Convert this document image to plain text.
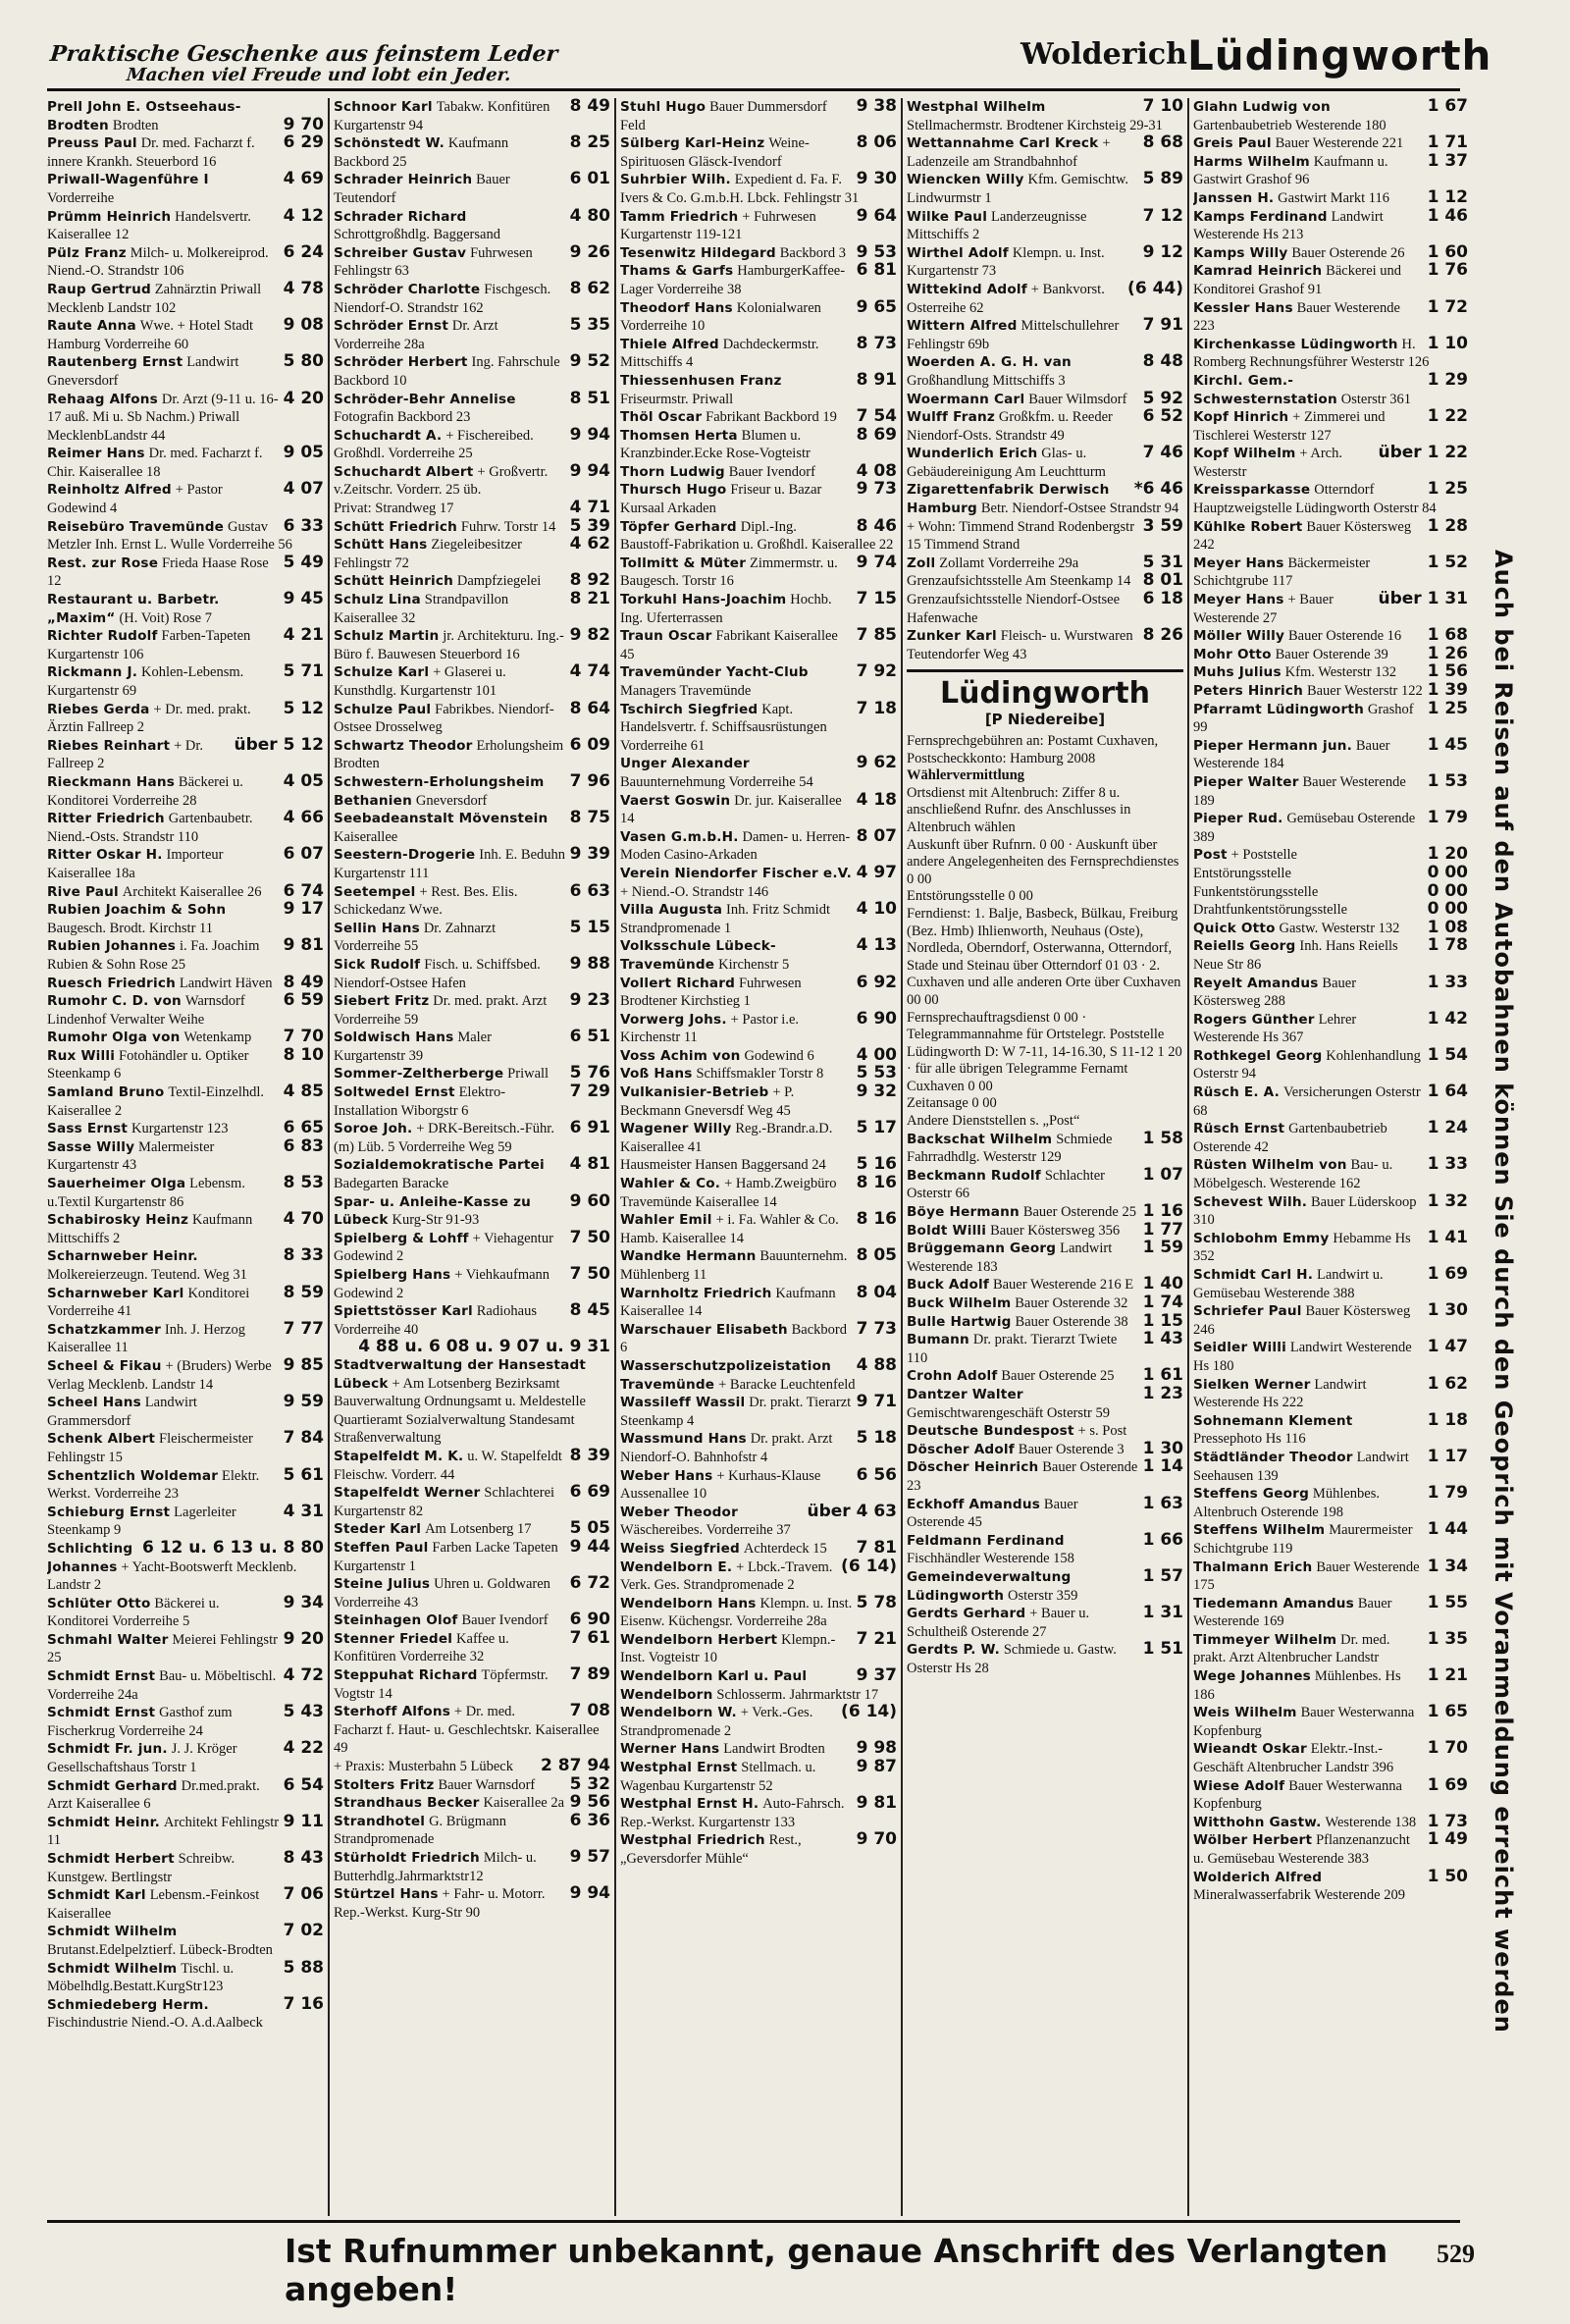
Praktische Geschenke aus feinstem Leder
Machen viel Freude und lobt ein Jeder.
Wolderich Lüdingworth
Prell John E. Ostseehaus-
9 70
Brodten Brodten
6 29
Preuss Paul Dr. med. Facharzt f. innere Krankh. Steuerbord 16
4 69
Priwall-Wagenführe I Vorderreihe
4 12
Prümm Heinrich Handelsvertr. Kaiserallee 12
6 24
Pülz Franz Milch- u. Molkereiprod. Niend.-O. Strandstr 106
4 78
Raup Gertrud Zahnärztin Priwall Mecklenb Landstr 102
9 08
Raute Anna Wwe. + Hotel Stadt Hamburg Vorderreihe 60
5 80
Rautenberg Ernst Landwirt Gneversdorf
4 20
Rehaag Alfons Dr. Arzt (9-11 u. 16-17 auß. Mi u. Sb Nachm.) Priwall MecklenbLandstr 44
9 05
Reimer Hans Dr. med. Facharzt f. Chir. Kaiserallee 18
4 07
Reinholtz Alfred + Pastor Godewind 4
6 33
Reisebüro Travemünde Gustav Metzler Inh. Ernst L. Wulle Vorderreihe 56
5 49
Rest. zur Rose Frieda Haase Rose 12
9 45
Restaurant u. Barbetr. „Maxim“ (H. Voit) Rose 7
4 21
Richter Rudolf Farben-Tapeten Kurgartenstr 106
5 71
Rickmann J. Kohlen-Lebensm. Kurgartenstr 69
5 12
Riebes Gerda + Dr. med. prakt. Ärztin Fallreep 2
über 5 12
Riebes Reinhart + Dr. Fallreep 2
4 05
Rieckmann Hans Bäckerei u. Konditorei Vorderreihe 28
4 66
Ritter Friedrich Gartenbaubetr. Niend.-Osts. Strandstr 110
6 07
Ritter Oskar H. Importeur Kaiserallee 18a
6 74
Rive Paul Architekt Kaiserallee 26
9 17
Rubien Joachim & Sohn Baugesch. Brodt. Kirchstr 11
9 81
Rubien Johannes i. Fa. Joachim Rubien & Sohn Rose 25
8 49
Ruesch Friedrich Landwirt Häven
6 59
Rumohr C. D. von Warnsdorf Lindenhof Verwalter Weihe
7 70
Rumohr Olga von Wetenkamp
8 10
Rux Willi Fotohändler u. Optiker Steenkamp 6
4 85
Samland Bruno Textil-Einzelhdl. Kaiserallee 2
6 65
Sass Ernst Kurgartenstr 123
6 83
Sasse Willy Malermeister Kurgartenstr 43
8 53
Sauerheimer Olga Lebensm. u.Textil Kurgartenstr 86
4 70
Schabirosky Heinz Kaufmann Mittschiffs 2
8 33
Scharnweber Heinr. Molkereierzeugn. Teutend. Weg 31
8 59
Scharnweber Karl Konditorei Vorderreihe 41
7 77
Schatzkammer Inh. J. Herzog Kaiserallee 11
9 85
Scheel & Fikau + (Bruders) Werbe Verlag Mecklenb. Landstr 14
9 59
Scheel Hans Landwirt Grammersdorf
7 84
Schenk Albert Fleischermeister Fehlingstr 15
5 61
Schentzlich Woldemar Elektr. Werkst. Vorderreihe 23
4 31
Schieburg Ernst Lagerleiter Steenkamp 9
6 12 u. 6 13 u. 8 80
Schlichting Johannes + Yacht-Bootswerft Mecklenb. Landstr 2
9 34
Schlüter Otto Bäckerei u. Konditorei Vorderreihe 5
9 20
Schmahl Walter Meierei Fehlingstr 25
4 72
Schmidt Ernst Bau- u. Möbeltischl. Vorderreihe 24a
5 43
Schmidt Ernst Gasthof zum Fischerkrug Vorderreihe 24
4 22
Schmidt Fr. jun. J. J. Kröger Gesellschaftshaus Torstr 1
6 54
Schmidt Gerhard Dr.med.prakt. Arzt Kaiserallee 6
9 11
Schmidt Heinr. Architekt Fehlingstr 11
8 43
Schmidt Herbert Schreibw. Kunstgew. Bertlingstr
7 06
Schmidt Karl Lebensm.-Feinkost Kaiserallee
7 02
Schmidt Wilhelm Brutanst.Edelpelztierf. Lübeck-Brodten
5 88
Schmidt Wilhelm Tischl. u. Möbelhdlg.Bestatt.KurgStr123
7 16
Schmiedeberg Herm. Fischindustrie Niend.-O. A.d.Aalbeck
8 49
Schnoor Karl Tabakw. Konfitüren Kurgartenstr 94
8 25
Schönstedt W. Kaufmann Backbord 25
6 01
Schrader Heinrich Bauer Teutendorf
4 80
Schrader Richard Schrottgroßhdlg. Baggersand
9 26
Schreiber Gustav Fuhrwesen Fehlingstr 63
8 62
Schröder Charlotte Fischgesch. Niendorf-O. Strandstr 162
5 35
Schröder Ernst Dr. Arzt Vorderreihe 28a
9 52
Schröder Herbert Ing. Fahrschule Backbord 10
8 51
Schröder-Behr Annelise Fotografin Backbord 23
9 94
Schuchardt A. + Fischereibed. Großhdl. Vorderreihe 25
9 94
Schuchardt Albert + Großvertr. v.Zeitschr. Vorderr. 25 üb.
4 71
Privat: Strandweg 17
5 39
Schütt Friedrich Fuhrw. Torstr 14
4 62
Schütt Hans Ziegeleibesitzer Fehlingstr 72
8 92
Schütt Heinrich Dampfziegelei
8 21
Schulz Lina Strandpavillon Kaiserallee 32
9 82
Schulz Martin jr. Architekturu. Ing.-Büro f. Bauwesen Steuerbord 16
4 74
Schulze Karl + Glaserei u. Kunsthdlg. Kurgartenstr 101
8 64
Schulze Paul Fabrikbes. Niendorf-Ostsee Drosselweg
6 09
Schwartz Theodor Erholungsheim Brodten
7 96
Schwestern-Erholungsheim Bethanien Gneversdorf
8 75
Seebadeanstalt Mövenstein Kaiserallee
9 39
Seestern-Drogerie Inh. E. Beduhn Kurgartenstr 111
6 63
Seetempel + Rest. Bes. Elis. Schickedanz Wwe.
5 15
Sellin Hans Dr. Zahnarzt Vorderreihe 55
9 88
Sick Rudolf Fisch. u. Schiffsbed. Niendorf-Ostsee Hafen
9 23
Siebert Fritz Dr. med. prakt. Arzt Vorderreihe 59
6 51
Soldwisch Hans Maler Kurgartenstr 39
5 76
Sommer-Zeltherberge Priwall
7 29
Soltwedel Ernst Elektro-Installation Wiborgstr 6
6 91
Soroe Joh. + DRK-Bereitsch.-Führ. (m) Lüb. 5 Vorderreihe Weg 59
4 81
Sozialdemokratische Partei Badegarten Baracke
9 60
Spar- u. Anleihe-Kasse zu Lübeck Kurg-Str 91-93
7 50
Spielberg & Lohff + Viehagentur Godewind 2
7 50
Spielberg Hans + Viehkaufmann Godewind 2
8 45
Spiettstösser Karl Radiohaus Vorderreihe 40
4 88 u. 6 08 u. 9 07 u. 9 31
Stadtverwaltung der Hansestadt Lübeck + Am Lotsenberg Bezirksamt Bauverwaltung Ordnungsamt u. Meldestelle Quartieramt Sozialverwaltung Standesamt Straßenverwaltung
8 39
Stapelfeldt M. K. u. W. Stapelfeldt Fleischw. Vorderr. 44
6 69
Stapelfeldt Werner Schlachterei Kurgartenstr 82
5 05
Steder Karl Am Lotsenberg 17
9 44
Steffen Paul Farben Lacke Tapeten Kurgartenstr 1
6 72
Steine Julius Uhren u. Goldwaren Vorderreihe 43
6 90
Steinhagen Olof Bauer Ivendorf
7 61
Stenner Friedel Kaffee u. Konfitüren Vorderreihe 32
7 89
Steppuhat Richard Töpfermstr. Vogtstr 14
7 08
Sterhoff Alfons + Dr. med. Facharzt f. Haut- u. Geschlechtskr. Kaiserallee 49
2 87 94
+ Praxis: Musterbahn 5 Lübeck
5 32
Stolters Fritz Bauer Warnsdorf
9 56
Strandhaus Becker Kaiserallee 2a
6 36
Strandhotel G. Brügmann Strandpromenade
9 57
Stürholdt Friedrich Milch- u. Butterhdlg.Jahrmarktstr12
9 94
Stürtzel Hans + Fahr- u. Motorr. Rep.-Werkst. Kurg-Str 90
9 38
Stuhl Hugo Bauer Dummersdorf Feld
8 06
Sülberg Karl-Heinz Weine-Spirituosen Gläsck-Ivendorf
9 30
Suhrbier Wilh. Expedient d. Fa. F. Ivers & Co. G.m.b.H. Lbck. Fehlingstr 31
9 64
Tamm Friedrich + Fuhrwesen Kurgartenstr 119-121
9 53
Tesenwitz Hildegard Backbord 3
6 81
Thams & Garfs HamburgerKaffee-Lager Vorderreihe 38
9 65
Theodorf Hans Kolonialwaren Vorderreihe 10
8 73
Thiele Alfred Dachdeckermstr. Mittschiffs 4
8 91
Thiessenhusen Franz Friseurmstr. Priwall
7 54
Thöl Oscar Fabrikant Backbord 19
8 69
Thomsen Herta Blumen u. Kranzbinder.Ecke Rose-Vogteistr
4 08
Thorn Ludwig Bauer Ivendorf
9 73
Thursch Hugo Friseur u. Bazar Kursaal Arkaden
8 46
Töpfer Gerhard Dipl.-Ing. Baustoff-Fabrikation u. Großhdl. Kaiserallee 22
9 74
Tollmitt & Müter Zimmermstr. u. Baugesch. Torstr 16
7 15
Torkuhl Hans-Joachim Hochb. Ing. Uferterrassen
7 85
Traun Oscar Fabrikant Kaiserallee 45
7 92
Travemünder Yacht-Club Managers Travemünde
7 18
Tschirch Siegfried Kapt. Handelsvertr. f. Schiffsausrüstungen Vorderreihe 61
9 62
Unger Alexander Bauunternehmung Vorderreihe 54
4 18
Vaerst Goswin Dr. jur. Kaiserallee 14
8 07
Vasen G.m.b.H. Damen- u. Herren-Moden Casino-Arkaden
4 97
Verein Niendorfer Fischer e.V. + Niend.-O. Strandstr 146
4 10
Villa Augusta Inh. Fritz Schmidt Strandpromenade 1
4 13
Volksschule Lübeck-Travemünde Kirchenstr 5
6 92
Vollert Richard Fuhrwesen Brodtener Kirchstieg 1
6 90
Vorwerg Johs. + Pastor i.e. Kirchenstr 11
4 00
Voss Achim von Godewind 6
5 53
Voß Hans Schiffsmakler Torstr 8
9 32
Vulkanisier-Betrieb + P. Beckmann Gneversdf Weg 45
5 17
Wagener Willy Reg.-Brandr.a.D. Kaiserallee 41
5 16
Hausmeister Hansen Baggersand 24
8 16
Wahler & Co. + Hamb.Zweigbüro Travemünde Kaiserallee 14
8 16
Wahler Emil + i. Fa. Wahler & Co. Hamb. Kaiserallee 14
8 05
Wandke Hermann Bauunternehm. Mühlenberg 11
8 04
Warnholtz Friedrich Kaufmann Kaiserallee 14
7 73
Warschauer Elisabeth Backbord 6
4 88
Wasserschutzpolizeistation Travemünde + Baracke Leuchtenfeld
9 71
Wassileff Wassil Dr. prakt. Tierarzt Steenkamp 4
5 18
Wassmund Hans Dr. prakt. Arzt Niendorf-O. Bahnhofstr 4
6 56
Weber Hans + Kurhaus-Klause Aussenallee 10
über 4 63
Weber Theodor Wäschereibes. Vorderreihe 37
7 81
Weiss Siegfried Achterdeck 15
(6 14)
Wendelborn E. + Lbck.-Travem. Verk. Ges. Strandpromenade 2
5 78
Wendelborn Hans Klempn. u. Inst. Eisenw. Küchengsr. Vorderreihe 28a
7 21
Wendelborn Herbert Klempn.-Inst. Vogteistr 10
9 37
Wendelborn Karl u. Paul Wendelborn Schlosserm. Jahrmarktstr 17
(6 14)
Wendelborn W. + Verk.-Ges. Strandpromenade 2
9 98
Werner Hans Landwirt Brodten
9 87
Westphal Ernst Stellmach. u. Wagenbau Kurgartenstr 52
9 81
Westphal Ernst H. Auto-Fahrsch. Rep.-Werkst. Kurgartenstr 133
9 70
Westphal Friedrich Rest.,„Geversdorfer Mühle“
7 10
Westphal Wilhelm Stellmachermstr. Brodtener Kirchsteig 29-31
8 68
Wettannahme Carl Kreck + Ladenzeile am Strandbahnhof
5 89
Wiencken Willy Kfm. Gemischtw. Lindwurmstr 1
7 12
Wilke Paul Landerzeugnisse Mittschiffs 2
9 12
Wirthel Adolf Klempn. u. Inst. Kurgartenstr 73
(6 44)
Wittekind Adolf + Bankvorst. Osterreihe 62
7 91
Wittern Alfred Mittelschullehrer Fehlingstr 69b
8 48
Woerden A. G. H. van Großhandlung Mittschiffs 3
5 92
Woermann Carl Bauer Wilmsdorf
6 52
Wulff Franz Großkfm. u. Reeder Niendorf-Osts. Strandstr 49
7 46
Wunderlich Erich Glas- u. Gebäudereinigung Am Leuchtturm
*6 46
Zigarettenfabrik Derwisch Hamburg Betr. Niendorf-Ostsee Strandstr 94
3 59
+ Wohn: Timmend Strand Rodenbergstr 15 Timmend Strand
5 31
Zoll Zollamt Vorderreihe 29a
8 01
Grenzaufsichtsstelle Am Steenkamp 14
6 18
Grenzaufsichtsstelle Niendorf-Ostsee Hafenwache
8 26
Zunker Karl Fleisch- u. Wurstwaren Teutendorfer Weg 43
Lüdingworth
[P Niedereibe]
Fernsprechgebühren an: Postamt Cuxhaven, Postscheckkonto: Hamburg 2008
Wählervermittlung
Ortsdienst mit Altenbruch: Ziffer 8 u. anschließend Rufnr. des Anschlusses in Altenbruch wählen
Auskunft über Rufnrn. 0 00 · Auskunft über andere Angelegenheiten des Fernsprechdienstes 0 00
Entstörungsstelle 0 00
Ferndienst: 1. Balje, Basbeck, Bülkau, Freiburg (Bez. Hmb) Ihlienworth, Neuhaus (Oste), Nordleda, Oberndorf, Osterwanna, Otterndorf, Stade und Steinau über Otterndorf 01 03 · 2. Cuxhaven und alle anderen Orte über Cuxhaven 00 00
Fernsprechauftragsdienst 0 00 · Telegrammannahme für Ortstelegr. Poststelle Lüdingworth D: W 7-11, 14-16.30, S 11-12 1 20 · für alle übrigen Telegramme Fernamt Cuxhaven 0 00
Zeitansage 0 00
Andere Dienststellen s. „Post“
1 58
Backschat Wilhelm Schmiede Fahrradhdlg. Westerstr 129
1 07
Beckmann Rudolf Schlachter Osterstr 66
1 16
Böye Hermann Bauer Osterende 25
1 77
Boldt Willi Bauer Köstersweg 356
1 59
Brüggemann Georg Landwirt Westerende 183
1 40
Buck Adolf Bauer Westerende 216 E
1 74
Buck Wilhelm Bauer Osterende 32
1 15
Bulle Hartwig Bauer Osterende 38
1 43
Bumann Dr. prakt. Tierarzt Twiete 110
1 61
Crohn Adolf Bauer Osterende 25
1 23
Dantzer Walter Gemischtwarengeschäft Osterstr 59
Deutsche Bundespost + s. Post
1 30
Döscher Adolf Bauer Osterende 3
1 14
Döscher Heinrich Bauer Osterende 23
1 63
Eckhoff Amandus Bauer Osterende 45
1 66
Feldmann Ferdinand Fischhändler Westerende 158
1 57
Gemeindeverwaltung Lüdingworth Osterstr 359
1 31
Gerdts Gerhard + Bauer u. Schultheiß Osterende 27
1 51
Gerdts P. W. Schmiede u. Gastw. Osterstr Hs 28
1 67
Glahn Ludwig von Gartenbaubetrieb Westerende 180
1 71
Greis Paul Bauer Westerende 221
1 37
Harms Wilhelm Kaufmann u. Gastwirt Grashof 96
1 12
Janssen H. Gastwirt Markt 116
1 46
Kamps Ferdinand Landwirt Westerende Hs 213
1 60
Kamps Willy Bauer Osterende 26
1 76
Kamrad Heinrich Bäckerei und Konditorei Grashof 91
1 72
Kessler Hans Bauer Westerende 223
1 10
Kirchenkasse Lüdingworth H. Romberg Rechnungsführer Westerstr 126
1 29
Kirchl. Gem.-Schwesternstation Osterstr 361
1 22
Kopf Hinrich + Zimmerei und Tischlerei Westerstr 127
über 1 22
Kopf Wilhelm + Arch. Westerstr
1 25
Kreissparkasse Otterndorf Hauptzweigstelle Lüdingworth Osterstr 84
1 28
Kühlke Robert Bauer Köstersweg 242
1 52
Meyer Hans Bäckermeister Schichtgrube 117
über 1 31
Meyer Hans + Bauer Westerende 27
1 68
Möller Willy Bauer Osterende 16
1 26
Mohr Otto Bauer Osterende 39
1 56
Muhs Julius Kfm. Westerstr 132
1 39
Peters Hinrich Bauer Westerstr 122
1 25
Pfarramt Lüdingworth Grashof 99
1 45
Pieper Hermann jun. Bauer Westerende 184
1 53
Pieper Walter Bauer Westerende 189
1 79
Pieper Rud. Gemüsebau Osterende 389
1 20
Post + Poststelle
0 00
Entstörungsstelle
0 00
Funkentstörungsstelle
0 00
Drahtfunkentstörungsstelle
1 08
Quick Otto Gastw. Westerstr 132
1 78
Reiells Georg Inh. Hans Reiells Neue Str 86
1 33
Reyelt Amandus Bauer Köstersweg 288
1 42
Rogers Günther Lehrer Westerende Hs 367
1 54
Rothkegel Georg Kohlenhandlung Osterstr 94
1 64
Rüsch E. A. Versicherungen Osterstr 68
1 24
Rüsch Ernst Gartenbaubetrieb Osterende 42
1 33
Rüsten Wilhelm von Bau- u. Möbelgesch. Westerende 162
1 32
Schevest Wilh. Bauer Lüderskoop 310
1 41
Schlobohm Emmy Hebamme Hs 352
1 69
Schmidt Carl H. Landwirt u. Gemüsebau Westerende 388
1 30
Schriefer Paul Bauer Köstersweg 246
1 47
Seidler Willi Landwirt Westerende Hs 180
1 62
Sielken Werner Landwirt Westerende Hs 222
1 18
Sohnemann Klement Pressephoto Hs 116
1 17
Städtländer Theodor Landwirt Seehausen 139
1 79
Steffens Georg Mühlenbes. Altenbruch Osterende 198
1 44
Steffens Wilhelm Maurermeister Schichtgrube 119
1 34
Thalmann Erich Bauer Westerende 175
1 55
Tiedemann Amandus Bauer Westerende 169
1 35
Timmeyer Wilhelm Dr. med. prakt. Arzt Altenbrucher Landstr
1 21
Wege Johannes Mühlenbes. Hs 186
1 65
Weis Wilhelm Bauer Westerwanna Kopfenburg
1 70
Wieandt Oskar Elektr.-Inst.-Geschäft Altenbrucher Landstr 396
1 69
Wiese Adolf Bauer Westerwanna Kopfenburg
1 73
Witthohn Gastw. Westerende 138
1 49
Wölber Herbert Pflanzenanzucht u. Gemüsebau Westerende 383
1 50
Wolderich Alfred Mineralwasserfabrik Westerende 209	Auch bei Reisen auf den Autobahnen können Sie durch den Geoprich mit Voranmeldung erreicht werden
Ist Rufnummer unbekannt, genaue Anschrift des Verlangten angeben!
529
